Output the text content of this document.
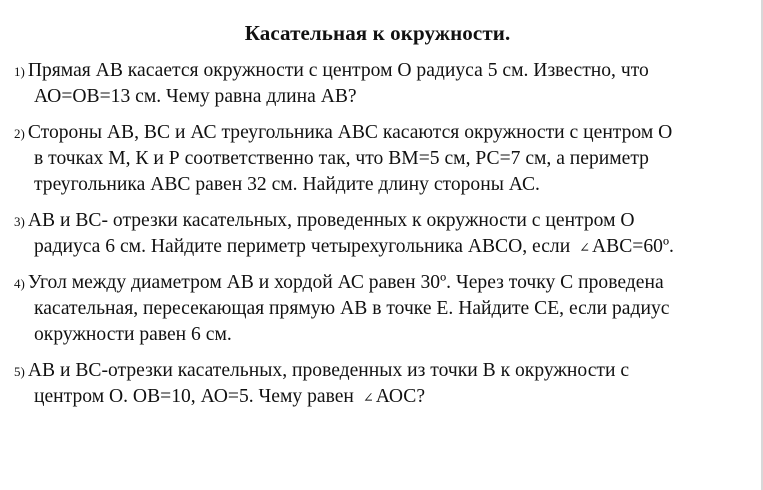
Касательная к окружности.
1) Прямая АВ касается окружности с центром О радиуса 5 см. Известно, что
АО=ОВ=13 см. Чему равна длина АВ?
2) Стороны АВ, ВС и АС треугольника АВС касаются окружности с центром О
в точках М, К и Р соответственно так, что ВМ=5 см, РС=7 см, а периметр
треугольника АВС равен 32 см. Найдите длину стороны АС.
3) АВ и ВС- отрезки касательных, проведенных к окружности с центром О
радиуса 6 см. Найдите периметр четырехугольника АВСО, если ∠ АВС=60º.
4) Угол между диаметром АВ и хордой АС равен 30º. Через точку С проведена
касательная, пересекающая прямую АВ в точке Е. Найдите СЕ, если радиус
окружности равен 6 см.
5) АВ и ВС-отрезки касательных, проведенных из точки В к окружности с
центром О. ОВ=10, АО=5. Чему равен ∠ АОС?
